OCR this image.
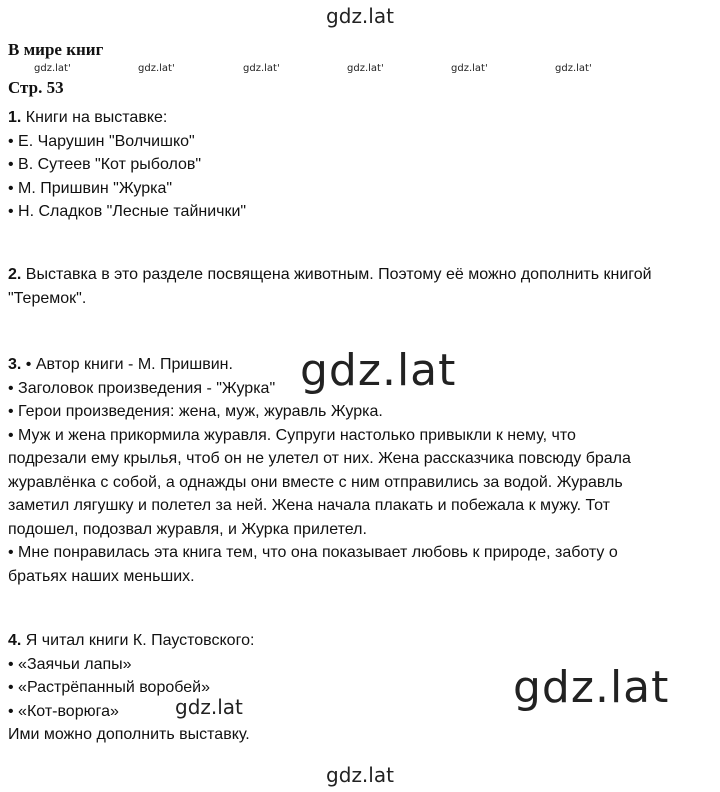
gdz.lat
gdz.lat'	gdz.lat'	gdz.lat'	gdz.lat'	gdz.lat'	gdz.lat'
gdz.lat
gdz.lat
gdz.lat
gdz.lat
В мире книг
Стр. 53
1. Книги на выставке:
• Е. Чарушин "Волчишко"
• В. Сутеев "Кот рыболов"
• М. Пришвин "Журка"
• Н. Сладков "Лесные тайнички"
2. Выставка в это разделе посвящена животным. Поэтому её можно дополнить книгой
"Теремок".
3. • Автор книги - М. Пришвин.
• Заголовок произведения - "Журка"
• Герои произведения: жена, муж, журавль Журка.
• Муж и жена прикормила журавля. Супруги настолько привыкли к нему, что
подрезали ему крылья, чтоб он не улетел от них. Жена рассказчика повсюду брала
журавлёнка с собой, а однажды они вместе с ним отправились за водой. Журавль
заметил лягушку и полетел за ней. Жена начала плакать и побежала к мужу. Тот
подошел, подозвал журавля, и Журка прилетел.
• Мне понравилась эта книга тем, что она показывает любовь к природе, заботу о
братьях наших меньших.
4. Я читал книги К. Паустовского:
• «Заячьи лапы»
• «Растрёпанный воробей»
• «Кот-ворюга»
Ими можно дополнить выставку.
